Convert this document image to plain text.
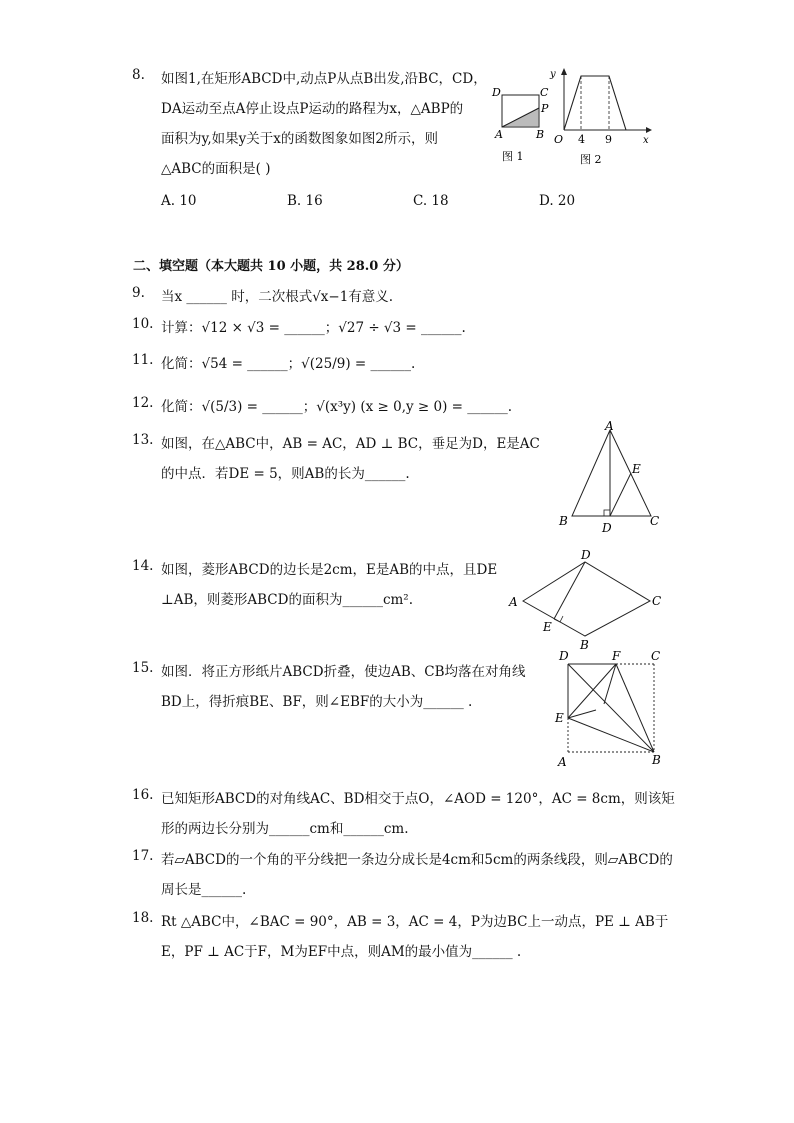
8. 如图1,在矩形ABCD中,动点P从点B出发,沿BC，CD，
DA运动至点A停止设点P运动的路程为x，△ABP的
面积为y,如果y关于x的函数图象如图2所示，则
△ABC的面积是( )
A. 10	B. 16	C. 18	D. 20
D	C
P
A	B
图 1
y
O 4 9	x
图 2
二、填空题（本大题共 10 小题，共 28.0 分）
9. 当x ______ 时，二次根式√x−1有意义.
10. 计算：√12 × √3 = ______；√27 ÷ √3 = ______.
11. 化简：√54 = ______；√(25/9) = ______.
12. 化简：√(5/3) = ______；√(x³y) (x ≥ 0,y ≥ 0) = ______.
13. 如图，在△ABC中，AB = AC，AD ⊥ BC，垂足为D，E是AC
的中点．若DE = 5，则AB的长为______.
14. 如图，菱形ABCD的边长是2cm，E是AB的中点，且DE
⊥AB，则菱形ABCD的面积为______cm².
15. 如图．将正方形纸片ABCD折叠，使边AB、CB均落在对角线
BD上，得折痕BE、BF，则∠EBF的大小为______ .
16. 已知矩形ABCD的对角线AC、BD相交于点O，∠AOD = 120°，AC = 8cm，则该矩
形的两边长分别为______cm和______cm.
17. 若▱ABCD的一个角的平分线把一条边分成长是4cm和5cm的两条线段，则▱ABCD的
周长是______.
18. Rt △ABC中，∠BAC = 90°，AB = 3，AC = 4，P为边BC上一动点，PE ⊥ AB于
E，PF ⊥ AC于F，M为EF中点，则AM的最小值为______ .
A
E
B	D	C
D
A	C
E
B
D	F	C
E
A	B
